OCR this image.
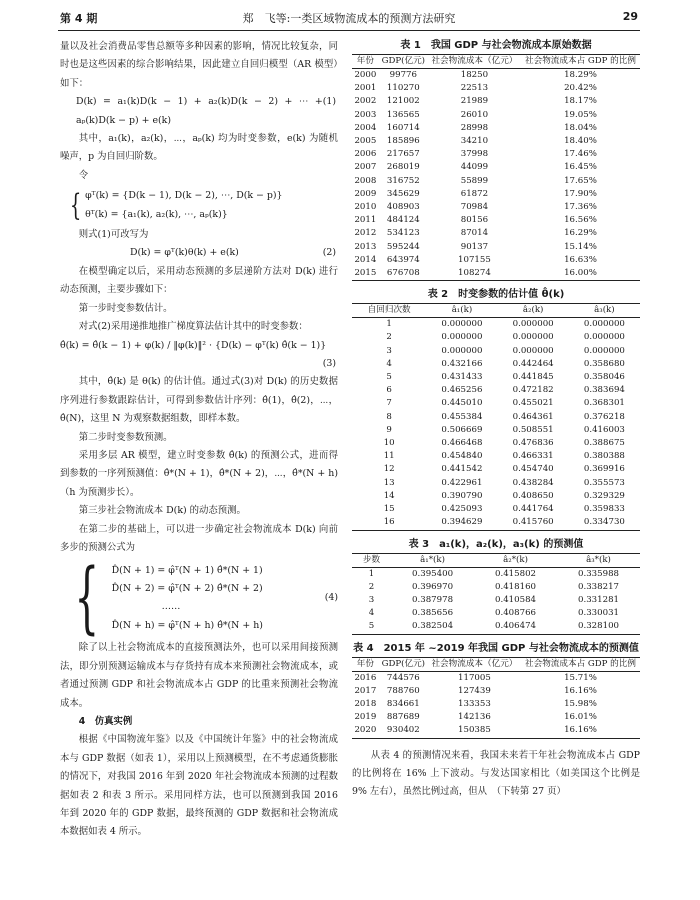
第 4 期	郑　飞等:一类区域物流成本的预测方法研究	29

量以及社会消费品零售总额等多种因素的影响，情况比较复杂，同时也是这些因素的综合影响结果，因此建立自回归模型（AR 模型）如下：

D(k) = a₁(k)D(k − 1) + a₂(k)D(k − 2) + ⋯ + aₚ(k)D(k − p) + e(k)
(1)

其中，a₁(k)，a₂(k)，⋯，aₚ(k) 均为时变参数，e(k) 为随机噪声，p 为自回归阶数。

令

{ φᵀ(k) = {D(k − 1), D(k − 2), ⋯, D(k − p)}
θᵀ(k) = {a₁(k), a₂(k), ⋯, aₚ(k)}

则式(1)可改写为

D(k) = φᵀ(k)θ(k) + e(k)	(2)

在模型确定以后，采用动态预测的多层递阶方法对 D(k) 进行动态预测，主要步骤如下：

第一步时变参数估计。

对式(2)采用递推地推广梯度算法估计其中的时变参数：

θ̂(k) = θ̂(k − 1) + φ(k) / ‖φ(k)‖² · {D(k) − φᵀ(k) θ̂(k − 1)}
(3)

其中，θ̂(k) 是 θ(k) 的估计值。通过式(3)对 D(k) 的历史数据序列进行参数跟踪估计，可得到参数估计序列：θ̂(1)，θ̂(2)，⋯，θ̂(N)，这里 N 为观察数据组数，即样本数。

第二步时变参数预测。

采用多层 AR 模型，建立时变参数 θ̂(k) 的预测公式，进而得到参数的一序列预测值：θ̂*(N + 1)，θ̂*(N + 2)，⋯，θ̂*(N + h)（h 为预测步长）。

第三步社会物流成本 D(k) 的动态预测。

在第二步的基础上，可以进一步确定社会物流成本 D(k) 向前多步的预测公式为

{ D̂(N + 1) = φ̂ᵀ(N + 1) θ̂*(N + 1)
D̂(N + 2) = φ̂ᵀ(N + 2) θ̂*(N + 2)
……
D̂(N + h) = φ̂ᵀ(N + h) θ̂*(N + h)
(4)

除了以上社会物流成本的直接预测法外，也可以采用间接预测法，即分别预测运输成本与存货持有成本来预测社会物流成本，或者通过预测 GDP 和社会物流成本占 GDP 的比重来预测社会物流成本。

4　仿真实例

根据《中国物流年鉴》以及《中国统计年鉴》中的社会物流成本与 GDP 数据（如表 1），采用以上预测模型，在不考虑通货膨胀的情况下，对我国 2016 年到 2020 年社会物流成本预测的过程数据如表 2 和表 3 所示。采用同样方法，也可以预测到我国 2016 年到 2020 年的 GDP 数据，最终预测的 GDP 数据和社会物流成本数据如表 4 所示。

表 1　我国 GDP 与社会物流成本原始数据
年份	GDP(亿元)	社会物流成本（亿元）	社会物流成本占 GDP 的比例
2000	99776	18250	18.29%
2001	110270	22513	20.42%
2002	121002	21989	18.17%
2003	136565	26010	19.05%
2004	160714	28998	18.04%
2005	185896	34210	18.40%
2006	217657	37998	17.46%
2007	268019	44099	16.45%
2008	316752	55899	17.65%
2009	345629	61872	17.90%
2010	408903	70984	17.36%
2011	484124	80156	16.56%
2012	534123	87014	16.29%
2013	595244	90137	15.14%
2014	643974	107155	16.63%
2015	676708	108274	16.00%
表 2　时变参数的估计值 θ̂(k)
自回归次数	â₁(k)	â₂(k)	â₃(k)
1	0.000000	0.000000	0.000000
2	0.000000	0.000000	0.000000
3	0.000000	0.000000	0.000000
4	0.432166	0.442464	0.358680
5	0.431433	0.441845	0.358046
6	0.465256	0.472182	0.383694
7	0.445010	0.455021	0.368301
8	0.455384	0.464361	0.376218
9	0.506669	0.508551	0.416003
10	0.466468	0.476836	0.388675
11	0.454840	0.466331	0.380388
12	0.441542	0.454740	0.369916
13	0.422961	0.438284	0.355573
14	0.390790	0.408650	0.329329
15	0.425093	0.441764	0.359833
16	0.394629	0.415760	0.334730
表 3　a₁(k)，a₂(k)，a₃(k) 的预测值
步数	â₁*(k)	â₂*(k)	â₃*(k)
1	0.395400	0.415802	0.335988
2	0.396970	0.418160	0.338217
3	0.387978	0.410584	0.331281
4	0.385656	0.408766	0.330031
5	0.382504	0.406474	0.328100
表 4　2015 年 ~2019 年我国 GDP 与社会物流成本的预测值
年份	GDP(亿元)	社会物流成本（亿元）	社会物流成本占 GDP 的比例
2016	744576	117005	15.71%
2017	788760	127439	16.16%
2018	834661	133353	15.98%
2019	887689	142136	16.01%
2020	930402	150385	16.16%

从表 4 的预测情况来看，我国未来若干年社会物流成本占 GDP 的比例将在 16% 上下波动。与发达国家相比（如美国这个比例是 9% 左右），虽然比例过高，但从　（下转第 27 页）
